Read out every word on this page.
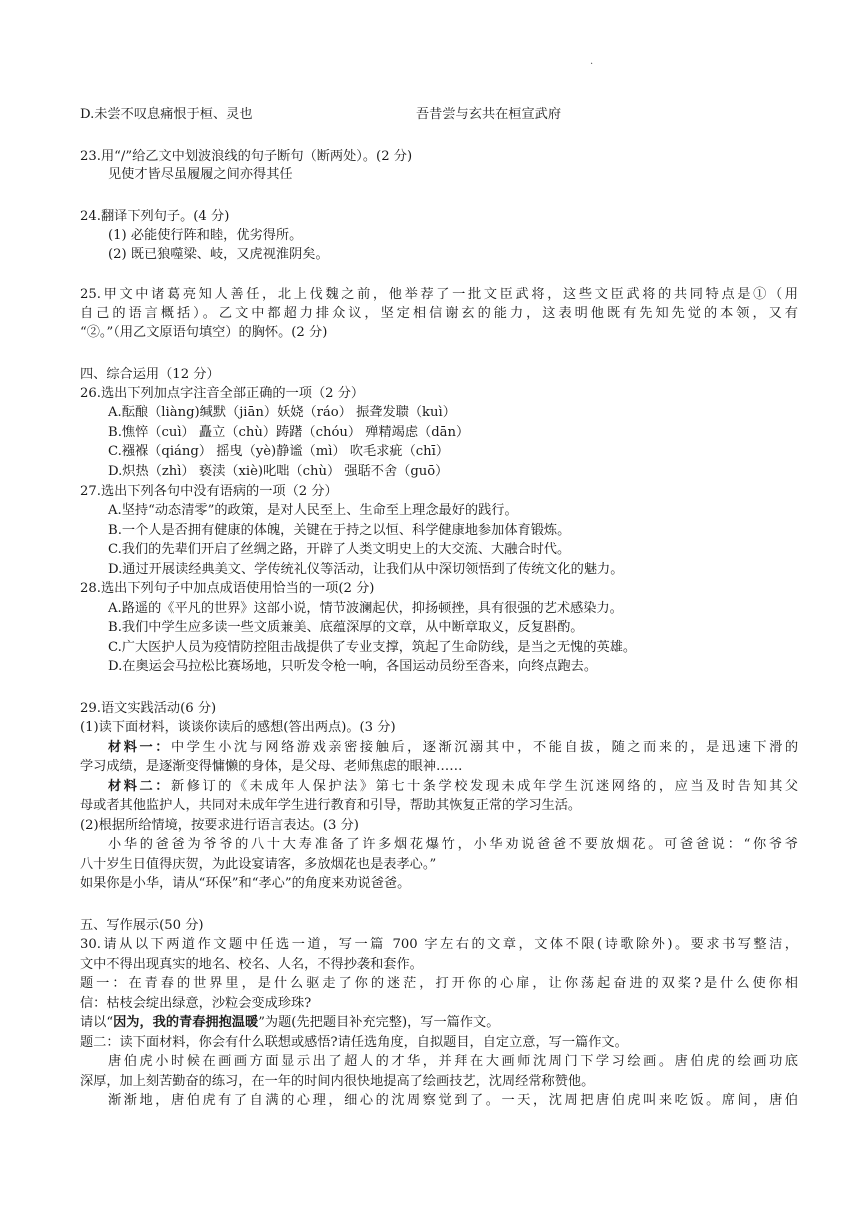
.
D.未尝不叹息痛恨于桓、灵也	吾昔尝与玄共在桓宣武府
23.用“/”给乙文中划波浪线的句子断句（断两处）。(2 分)
见使才皆尽虽履履之间亦得其任
24.翻译下列句子。(4 分)
(1) 必能使行阵和睦，优劣得所。
(2) 既已狼噬梁、岐，又虎视淮阴矣。
25.甲文中诸葛亮知人善任，北上伐魏之前，他举荐了一批文臣武将，这些文臣武将的共同特点是①（用
自己的语言概括）。乙文中都超力排众议，坚定相信谢玄的能力，这表明他既有先知先觉的本领，又有
“②。”（用乙文原语句填空）的胸怀。(2 分)
四、综合运用（12 分）
26.选出下列加点字注音全部正确的一项（2 分）
A.酝酿（liàng)缄默（jiān）妖娆（ráo） 振聋发聩（kuì）
B.憔悴（cuì） 矗立（chù）踌躇（chóu） 殚精竭虑（dān）
C.襁褓（qiáng） 摇曳（yè)静谧（mì） 吹毛求疵（chī）
D.炽热（zhì） 亵渎（xiè)叱咄（chù） 强聒不舍（guō）
27.选出下列各句中没有语病的一项（2 分）
A.坚持“动态清零”的政策，是对人民至上、生命至上理念最好的践行。
B.一个人是否拥有健康的体魄，关键在于持之以恒、科学健康地参加体育锻炼。
C.我们的先辈们开启了丝绸之路，开辟了人类文明史上的大交流、大融合时代。
D.通过开展读经典美文、学传统礼仪等活动，让我们从中深切领悟到了传统文化的魅力。
28.选出下列句子中加点成语使用恰当的一项(2 分)
A.路遥的《平凡的世界》这部小说，情节波澜起伏，抑扬顿挫，具有很强的艺术感染力。
B.我们中学生应多读一些文质兼美、底蕴深厚的文章，从中断章取义，反复斟酌。
C.广大医护人员为疫情防控阻击战提供了专业支撑，筑起了生命防线，是当之无愧的英雄。
D.在奥运会马拉松比赛场地，只听发令枪一响，各国运动员纷至沓来，向终点跑去。
29.语文实践活动(6 分)
(1)读下面材料，谈谈你读后的感想(答出两点)。(3 分)
材料一：中学生小沈与网络游戏亲密接触后，逐渐沉溺其中，不能自拔，随之而来的，是迅速下滑的
学习成绩，是逐渐变得慵懒的身体，是父母、老师焦虑的眼神……
材料二：新修订的《未成年人保护法》第七十条学校发现未成年学生沉迷网络的，应当及时告知其父
母或者其他监护人，共同对未成年学生进行教育和引导，帮助其恢复正常的学习生活。
(2)根据所给情境，按要求进行语言表达。(3 分)
小华的爸爸为爷爷的八十大寿准备了许多烟花爆竹，小华劝说爸爸不要放烟花。可爸爸说：“你爷爷
八十岁生日值得庆贺，为此设宴请客，多放烟花也是表孝心。”
如果你是小华，请从“环保”和“孝心”的角度来劝说爸爸。
五、写作展示(50 分)
30.请从以下两道作文题中任选一道，写一篇 700 字左右的文章，文体不限(诗歌除外)。要求书写整洁，
文中不得出现真实的地名、校名、人名，不得抄袭和套作。
题一：在青春的世界里，是什么驱走了你的迷茫，打开你的心扉，让你荡起奋进的双桨?是什么使你相
信：枯枝会绽出绿意，沙粒会变成珍珠?
请以“因为，我的青春拥抱温暖”为题(先把题目补充完整)，写一篇作文。
题二：读下面材料，你会有什么联想或感悟?请任选角度，自拟题目，自定立意，写一篇作文。
唐伯虎小时候在画画方面显示出了超人的才华，并拜在大画师沈周门下学习绘画。唐伯虎的绘画功底
深厚，加上刻苦勤奋的练习，在一年的时间内很快地提高了绘画技艺，沈周经常称赞他。
渐渐地，唐伯虎有了自满的心理，细心的沈周察觉到了。一天，沈周把唐伯虎叫来吃饭。席间，唐伯
